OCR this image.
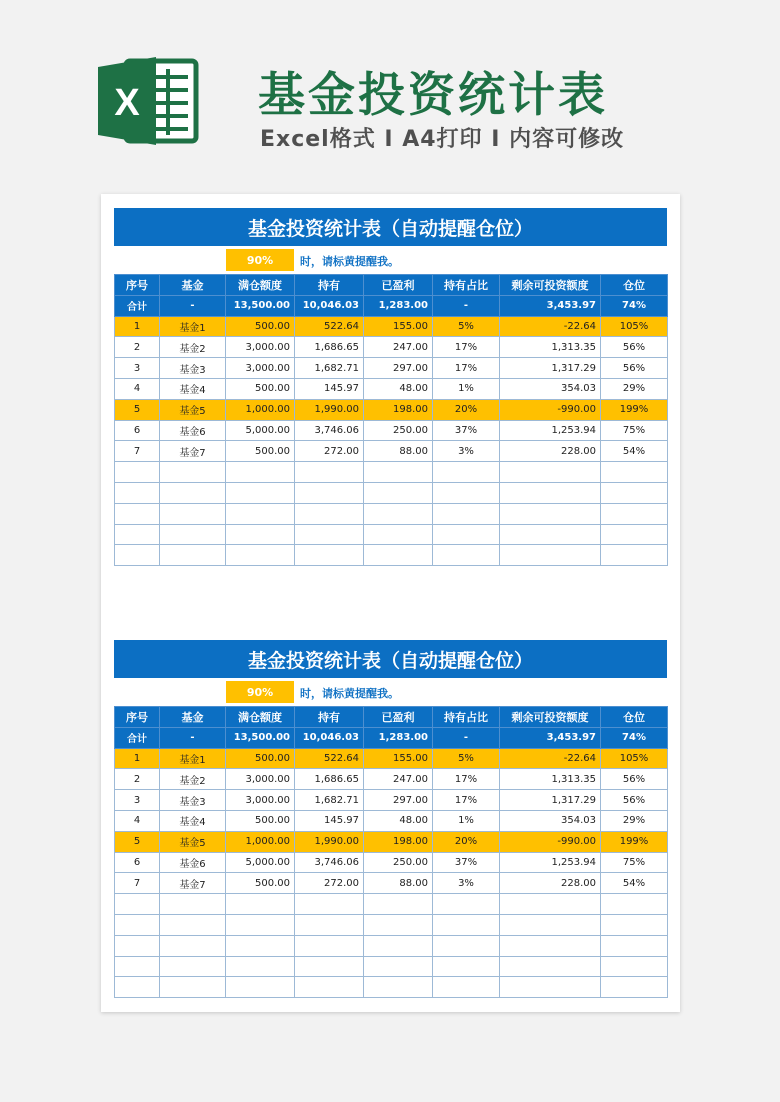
X	基金投资统计表
Excel格式 I A4打印 I 内容可修改
基金投资统计表（自动提醒仓位）
90%	时，请标黄提醒我。
序号	基金	满仓额度	持有	已盈利	持有占比	剩余可投资额度	仓位
合计	-	13,500.00	10,046.03	1,283.00	-	3,453.97	74%
1	基金1	500.00	522.64	155.00	5%	-22.64	105%
2	基金2	3,000.00	1,686.65	247.00	17%	1,313.35	56%
3	基金3	3,000.00	1,682.71	297.00	17%	1,317.29	56%
4	基金4	500.00	145.97	48.00	1%	354.03	29%
5	基金5	1,000.00	1,990.00	198.00	20%	-990.00	199%
6	基金6	5,000.00	3,746.06	250.00	37%	1,253.94	75%
7	基金7	500.00	272.00	88.00	3%	228.00	54%

基金投资统计表（自动提醒仓位）
90%	时，请标黄提醒我。
序号	基金	满仓额度	持有	已盈利	持有占比	剩余可投资额度	仓位
合计	-	13,500.00	10,046.03	1,283.00	-	3,453.97	74%
1	基金1	500.00	522.64	155.00	5%	-22.64	105%
2	基金2	3,000.00	1,686.65	247.00	17%	1,313.35	56%
3	基金3	3,000.00	1,682.71	297.00	17%	1,317.29	56%
4	基金4	500.00	145.97	48.00	1%	354.03	29%
5	基金5	1,000.00	1,990.00	198.00	20%	-990.00	199%
6	基金6	5,000.00	3,746.06	250.00	37%	1,253.94	75%
7	基金7	500.00	272.00	88.00	3%	228.00	54%
